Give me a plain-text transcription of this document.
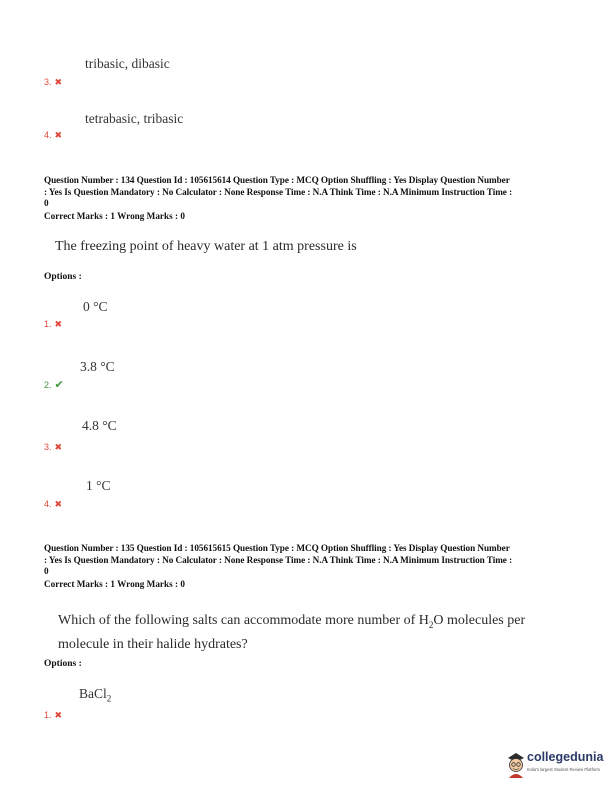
tribasic, dibasic
3. ✖
tetrabasic, tribasic
4. ✖
Question Number : 134 Question Id : 105615614 Question Type : MCQ Option Shuffling : Yes Display Question Number
: Yes Is Question Mandatory : No Calculator : None Response Time : N.A Think Time : N.A Minimum Instruction Time :
0
Correct Marks : 1 Wrong Marks : 0
The freezing point of heavy water at 1 atm pressure is
Options :
0 °C
1. ✖
3.8 °C
2. ✔
4.8 °C
3. ✖
1 °C
4. ✖
Question Number : 135 Question Id : 105615615 Question Type : MCQ Option Shuffling : Yes Display Question Number
: Yes Is Question Mandatory : No Calculator : None Response Time : N.A Think Time : N.A Minimum Instruction Time :
0
Correct Marks : 1 Wrong Marks : 0
Which of the following salts can accommodate more number of $H_2O$ molecules per
molecule in their halide hydrates?
Options :
BaCl$_2$
1. ✖
collegedunia
India's largest Student Review Platform
